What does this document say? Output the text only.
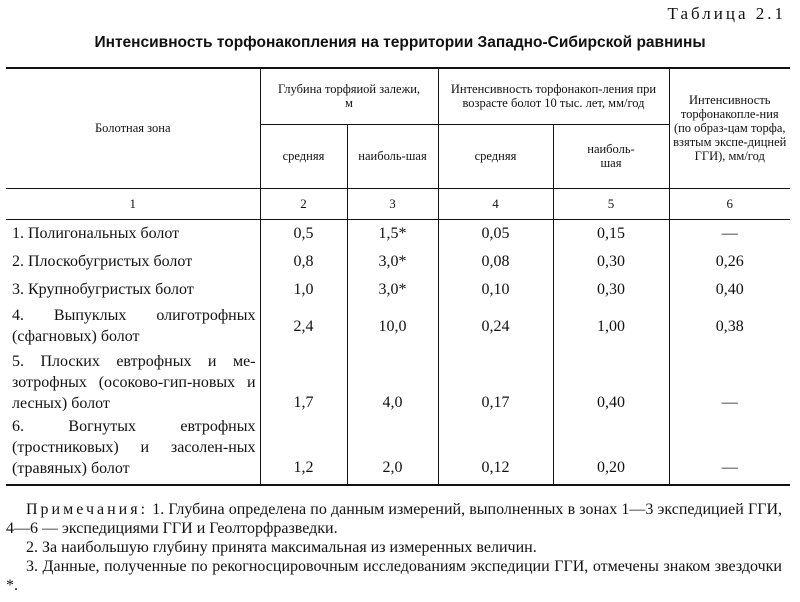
Таблица 2.1
Интенсивность торфонакопления на территории Западно-Сибирской равнины
Болотная зона	Глубина торфяиой залежи, м		Интенсивность торфонакоп-ления при возрасте болот 10 тыс. лет, мм/год		Интенсивность торфонакопле-ния (по образ-цам торфа, взятым экспе-дицней ГГИ), мм/год
	средняя	наиболь-шая	средняя	наиболь-шая	
1	2	3	4	5	6
1. Полигональных болот	0,5	1,5*	0,05	0,15	—
2. Плоскобугристых болот	0,8	3,0*	0,08	0,30	0,26
3. Крупнобугристых болот	1,0	3,0*	0,10	0,30	0,40
4. Выпуклых олиготрофных (сфагновых) болот	2,4	10,0	0,24	1,00	0,38
5. Плоских евтрофных и ме-зотрофных (осоково-гип-новых и лесных) болот	1,7	4,0	0,17	0,40	—
6. Вогнутых евтрофных (тростниковых) и засолен-ных (травяных) болот	1,2	2,0	0,12	0,20	—

Примечания: 1. Глубина определена по данным измерений, выполненных в зонах 1—3 экспедицией ГГИ, 4—6 — экспедициями ГГИ и Геолторфразведки.

2. За наибольшую глубину принята максимальная из измеренных величин.

3. Данные, полученные по рекогносцировочным исследованиям экспедиции ГГИ, отмечены знаком звездочки *.
